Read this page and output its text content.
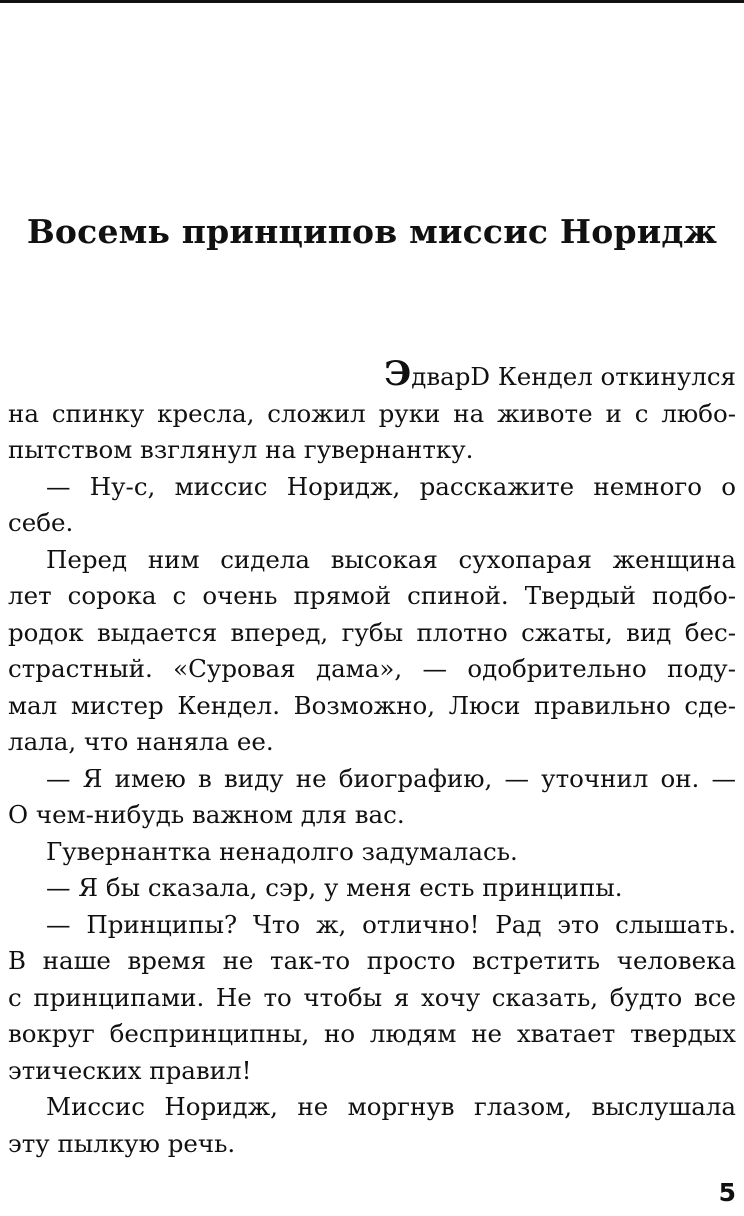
Восемь принципов миссис Норидж
ЭдварD Кендел откинулся
на спинку кресла, сложил руки на животе и с любо-
пытством взглянул на гувернантку.
— Ну-с, миссис Норидж, расскажите немного о
себе.
Перед ним сидела высокая сухопарая женщина
лет сорока с очень прямой спиной. Твердый подбо-
родок выдается вперед, губы плотно сжаты, вид бес-
страстный. «Суровая дама», — одобрительно поду-
мал мистер Кендел. Возможно, Люси правильно сде-
лала, что наняла ее.
— Я имею в виду не биографию, — уточнил он. —
О чем-нибудь важном для вас.
Гувернантка ненадолго задумалась.
— Я бы сказала, сэр, у меня есть принципы.
— Принципы? Что ж, отлично! Рад это слышать.
В наше время не так-то просто встретить человека
с принципами. Не то чтобы я хочу сказать, будто все
вокруг беспринципны, но людям не хватает твердых
этических правил!
Миссис Норидж, не моргнув глазом, выслушала
эту пылкую речь.
5
